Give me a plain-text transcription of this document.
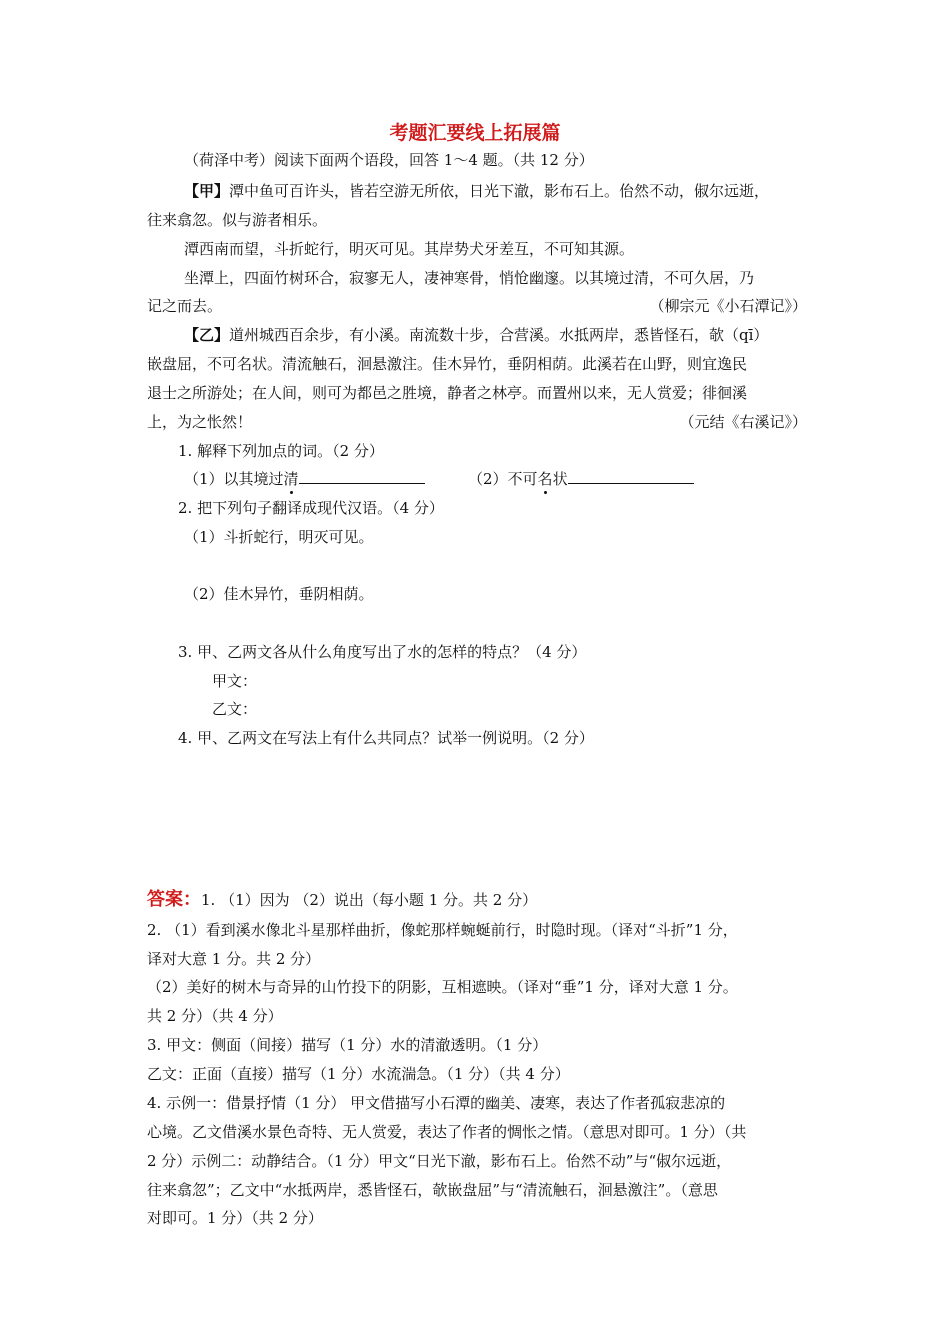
考题汇要线上拓展篇
（荷泽中考）阅读下面两个语段，回答 1～4 题。（共 12 分）
【甲】潭中鱼可百许头，皆若空游无所依，日光下澈，影布石上。佁然不动，俶尔远逝，
往来翕忽。似与游者相乐。
潭西南而望，斗折蛇行，明灭可见。其岸势犬牙差互，不可知其源。
坐潭上，四面竹树环合，寂寥无人，凄神寒骨，悄怆幽邃。以其境过清，不可久居，乃
记之而去。	（柳宗元《小石潭记》）
【乙】道州城西百余步，有小溪。南流数十步，合营溪。水抵两岸，悉皆怪石，欹（qī）
嵌盘屈，不可名状。清流触石，洄悬激注。佳木异竹，垂阴相荫。此溪若在山野，则宜逸民
退士之所游处；在人间，则可为都邑之胜境，静者之林亭。而置州以来，无人赏爱；徘徊溪
上，为之怅然！	（元结《右溪记》）
1. 解释下列加点的词。（2 分）
（1）以其境过清	（2）不可名状
2. 把下列句子翻译成现代汉语。（4 分）
（1）斗折蛇行，明灭可见。
（2）佳木异竹，垂阴相荫。
3. 甲、乙两文各从什么角度写出了水的怎样的特点？（4 分）
甲文：
乙文：
4. 甲、乙两文在写法上有什么共同点？试举一例说明。（2 分）
答案：1. （1）因为 （2）说出（每小题 1 分。共 2 分）
2. （1）看到溪水像北斗星那样曲折，像蛇那样蜿蜒前行，时隐时现。（译对“斗折”1 分，
译对大意 1 分。共 2 分）
（2）美好的树木与奇异的山竹投下的阴影，互相遮映。（译对“垂”1 分，译对大意 1 分。
共 2 分）（共 4 分）
3. 甲文：侧面（间接）描写（1 分）水的清澈透明。（1 分）
乙文：正面（直接）描写（1 分）水流湍急。（1 分）（共 4 分）
4. 示例一：借景抒情（1 分） 甲文借描写小石潭的幽美、凄寒，表达了作者孤寂悲凉的
心境。乙文借溪水景色奇特、无人赏爱，表达了作者的惆怅之情。（意思对即可。1 分）（共
2 分）示例二：动静结合。（1 分）甲文“日光下澈，影布石上。佁然不动”与“俶尔远逝，
往来翕忽”；乙文中“水抵两岸，悉皆怪石，欹嵌盘屈”与“清流触石，洄悬激注”。（意思
对即可。1 分）（共 2 分）
